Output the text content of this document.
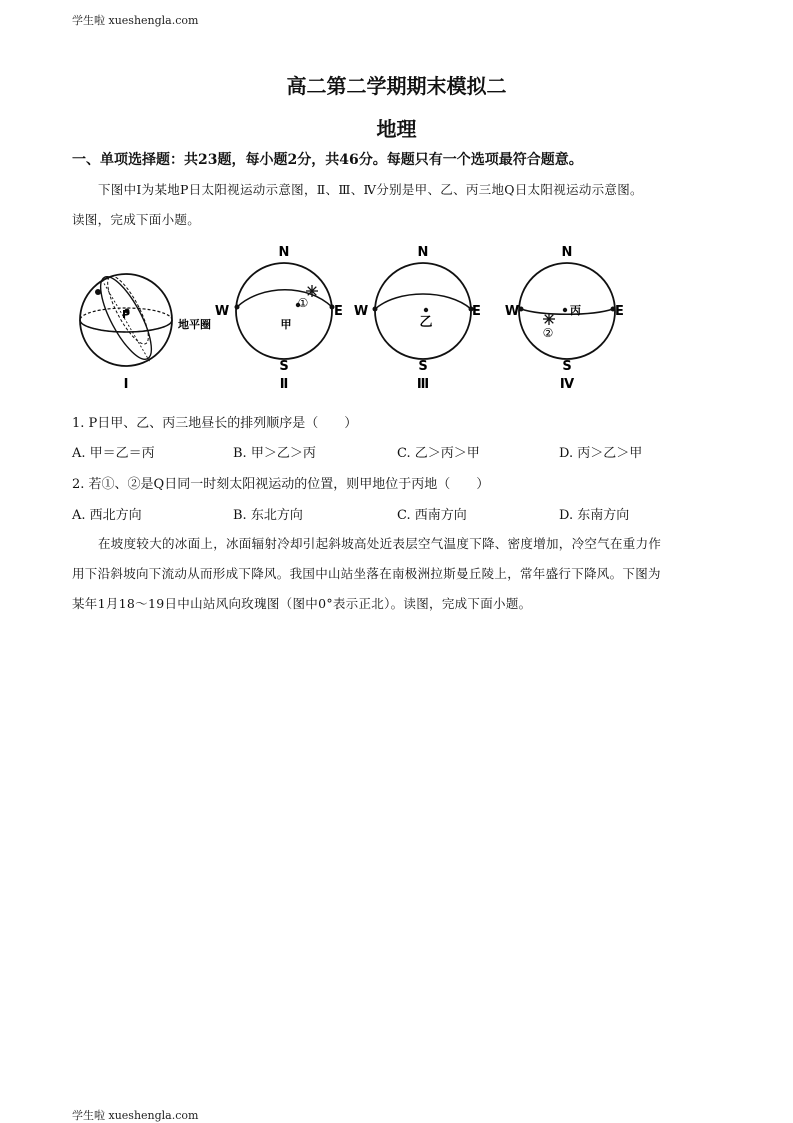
学生啦 xueshengla.com
高二第二学期期末模拟二
地理
一、单项选择题：共23题，每小题2分，共46分。每题只有一个选项最符合题意。
下图中Ⅰ为某地P日太阳视运动示意图，Ⅱ、Ⅲ、Ⅳ分别是甲、乙、丙三地Q日太阳视运动示意图。
读图，完成下面小题。
P
地平圈
Ⅰ
N
S
W	E
甲
①
Ⅱ
N
S
W	E
乙
Ⅲ
N
S
W	E
丙
②
Ⅳ
1. P日甲、乙、丙三地昼长的排列顺序是（　　）
A. 甲＝乙＝丙	B. 甲＞乙＞丙	C. 乙＞丙＞甲	D. 丙＞乙＞甲
2. 若①、②是Q日同一时刻太阳视运动的位置，则甲地位于丙地（　　）
A. 西北方向	B. 东北方向	C. 西南方向	D. 东南方向
在坡度较大的冰面上，冰面辐射冷却引起斜坡高处近表层空气温度下降、密度增加，冷空气在重力作
用下沿斜坡向下流动从而形成下降风。我国中山站坐落在南极洲拉斯曼丘陵上，常年盛行下降风。下图为
某年1月18～19日中山站风向玫瑰图（图中0°表示正北）。读图，完成下面小题。
学生啦 xueshengla.com
